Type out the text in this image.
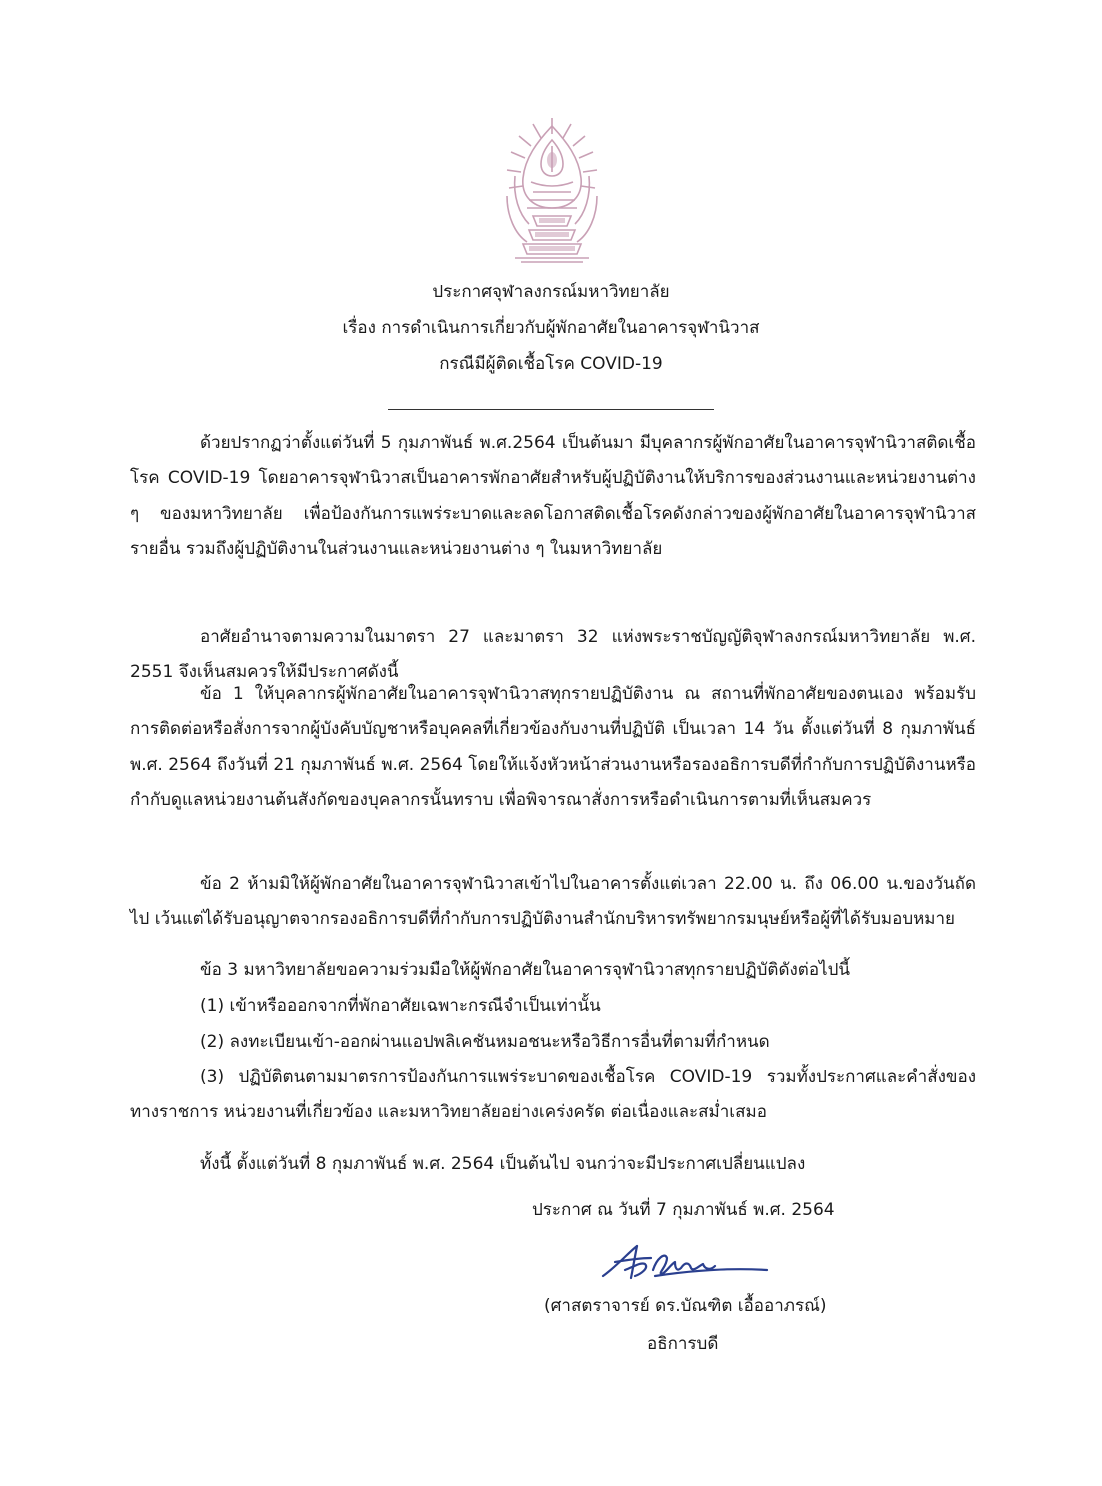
ประกาศจุฬาลงกรณ์มหาวิทยาลัย
เรื่อง การดำเนินการเกี่ยวกับผู้พักอาศัยในอาคารจุฬานิวาส
กรณีมีผู้ติดเชื้อโรค COVID-19

ด้วยปรากฏว่าตั้งแต่วันที่ 5 กุมภาพันธ์ พ.ศ.2564 เป็นต้นมา มีบุคลากรผู้พักอาศัยในอาคารจุฬานิวาสติดเชื้อโรค COVID-19 โดยอาคารจุฬานิวาสเป็นอาคารพักอาศัยสำหรับผู้ปฏิบัติงานให้บริการของส่วนงานและหน่วยงานต่าง ๆ ของมหาวิทยาลัย เพื่อป้องกันการแพร่ระบาดและลดโอกาสติดเชื้อโรคดังกล่าวของผู้พักอาศัยในอาคารจุฬานิวาส รายอื่น รวมถึงผู้ปฏิบัติงานในส่วนงานและหน่วยงานต่าง ๆ ในมหาวิทยาลัย

อาศัยอำนาจตามความในมาตรา 27 และมาตรา 32 แห่งพระราชบัญญัติจุฬาลงกรณ์มหาวิทยาลัย พ.ศ. 2551 จึงเห็นสมควรให้มีประกาศดังนี้

ข้อ 1 ให้บุคลากรผู้พักอาศัยในอาคารจุฬานิวาสทุกรายปฏิบัติงาน ณ สถานที่พักอาศัยของตนเอง พร้อมรับการติดต่อหรือสั่งการจากผู้บังคับบัญชาหรือบุคคลที่เกี่ยวข้องกับงานที่ปฏิบัติ เป็นเวลา 14 วัน ตั้งแต่วันที่ 8 กุมภาพันธ์ พ.ศ. 2564 ถึงวันที่ 21 กุมภาพันธ์ พ.ศ. 2564 โดยให้แจ้งหัวหน้าส่วนงานหรือรองอธิการบดีที่กำกับการปฏิบัติงานหรือกำกับดูแลหน่วยงานต้นสังกัดของบุคลากรนั้นทราบ เพื่อพิจารณาสั่งการหรือดำเนินการตามที่เห็นสมควร

ข้อ 2 ห้ามมิให้ผู้พักอาศัยในอาคารจุฬานิวาสเข้าไปในอาคารตั้งแต่เวลา 22.00 น. ถึง 06.00 น.ของวันถัดไป เว้นแต่ได้รับอนุญาตจากรองอธิการบดีที่กำกับการปฏิบัติงานสำนักบริหารทรัพยากรมนุษย์หรือผู้ที่ได้รับมอบหมาย

ข้อ 3 มหาวิทยาลัยขอความร่วมมือให้ผู้พักอาศัยในอาคารจุฬานิวาสทุกรายปฏิบัติดังต่อไปนี้
(1) เข้าหรือออกจากที่พักอาศัยเฉพาะกรณีจำเป็นเท่านั้น
(2) ลงทะเบียนเข้า-ออกผ่านแอปพลิเคชันหมอชนะหรือวิธีการอื่นที่ตามที่กำหนด

(3) ปฏิบัติตนตามมาตรการป้องกันการแพร่ระบาดของเชื้อโรค COVID-19 รวมทั้งประกาศและคำสั่งของทางราชการ หน่วยงานที่เกี่ยวข้อง และมหาวิทยาลัยอย่างเคร่งครัด ต่อเนื่องและสม่ำเสมอ

ทั้งนี้ ตั้งแต่วันที่ 8 กุมภาพันธ์ พ.ศ. 2564 เป็นต้นไป จนกว่าจะมีประกาศเปลี่ยนแปลง
ประกาศ ณ วันที่ 7 กุมภาพันธ์ พ.ศ. 2564
(ศาสตราจารย์ ดร.บัณฑิต เอื้ออาภรณ์)
อธิการบดี
